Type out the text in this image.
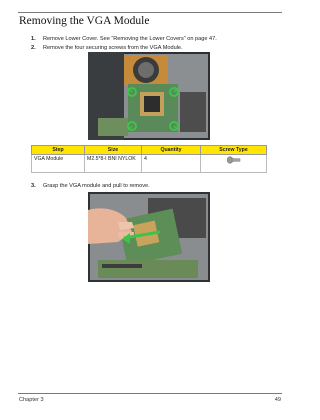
Removing the VGA Module
1. Remove Lower Cover. See “Removing the Lower Covers” on page 47.
2. Remove the four securing screws from the VGA Module.
Step	Size	Quantity	Screw Type
VGA Module	M2.5*8-I BNI NYLOK	4	
3. Grasp the VGA module and pull to remove.
Chapter 3	49
